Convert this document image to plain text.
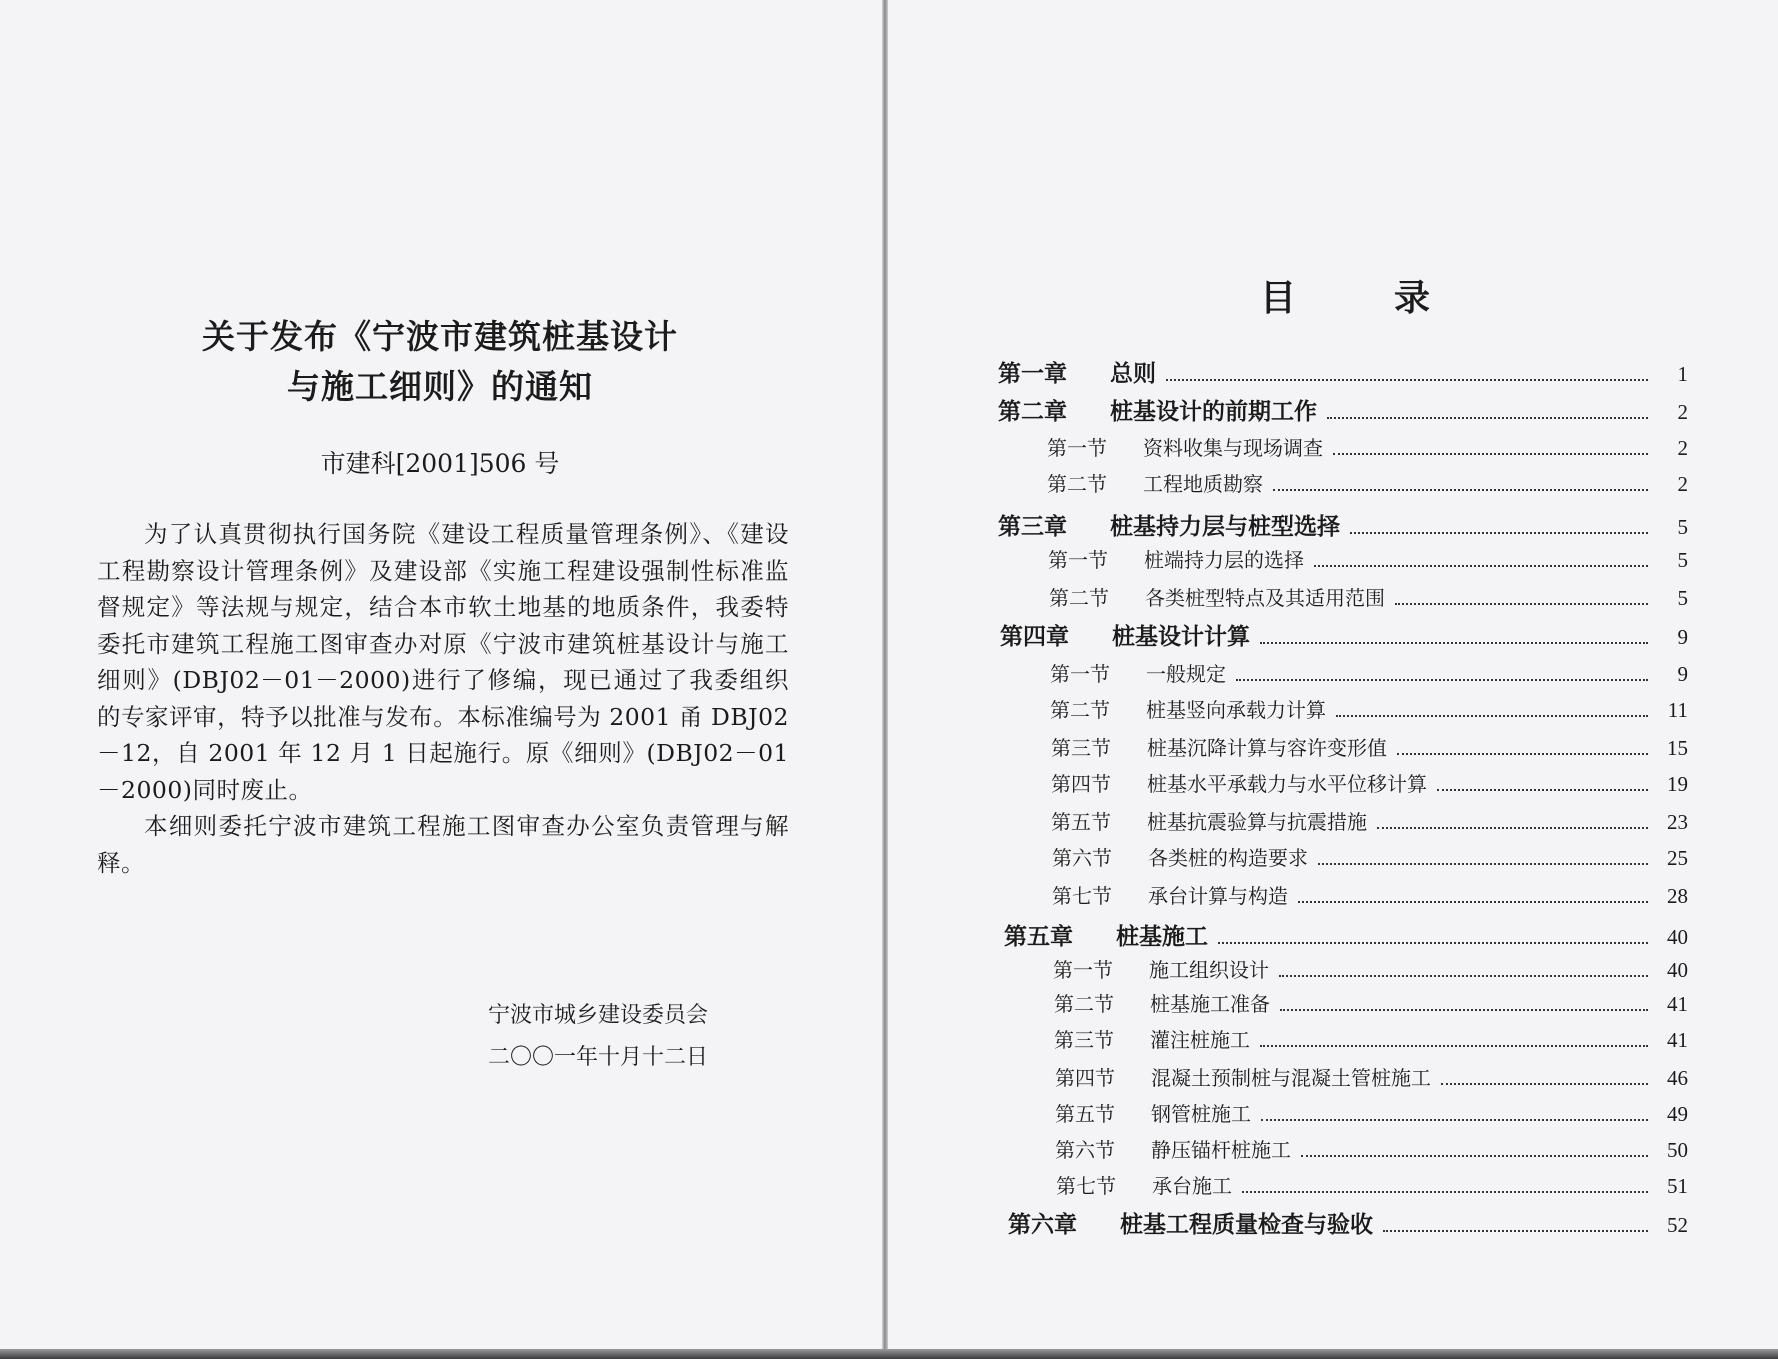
关于发布《宁波市建筑桩基设计
与施工细则》的通知

市建科[2001]506 号

为了认真贯彻执行国务院《建设工程质量管理条例》、《建设工程勘察设计管理条例》及建设部《实施工程建设强制性标准监督规定》等法规与规定，结合本市软土地基的地质条件，我委特委托市建筑工程施工图审查办对原《宁波市建筑桩基设计与施工细则》(DBJ02－01－2000)进行了修编，现已通过了我委组织的专家评审，特予以批准与发布。本标准编号为 2001 甬 DBJ02－12，自 2001 年 12 月 1 日起施行。原《细则》(DBJ02－01－2000)同时废止。

本细则委托宁波市建筑工程施工图审查办公室负责管理与解释。

宁波市城乡建设委员会
二〇〇一年十月十二日
目	录
第一章	总则	1
第二章	桩基设计的前期工作	2
第一节	资料收集与现场调查	2
第二节	工程地质勘察	2
第三章	桩基持力层与桩型选择	5
第一节	桩端持力层的选择	5
第二节	各类桩型特点及其适用范围	5
第四章	桩基设计计算	9
第一节	一般规定	9
第二节	桩基竖向承载力计算	11
第三节	桩基沉降计算与容许变形值	15
第四节	桩基水平承载力与水平位移计算	19
第五节	桩基抗震验算与抗震措施	23
第六节	各类桩的构造要求	25
第七节	承台计算与构造	28
第五章	桩基施工	40
第一节	施工组织设计	40
第二节	桩基施工准备	41
第三节	灌注桩施工	41
第四节	混凝土预制桩与混凝土管桩施工	46
第五节	钢管桩施工	49
第六节	静压锚杆桩施工	50
第七节	承台施工	51
第六章	桩基工程质量检查与验收	52
